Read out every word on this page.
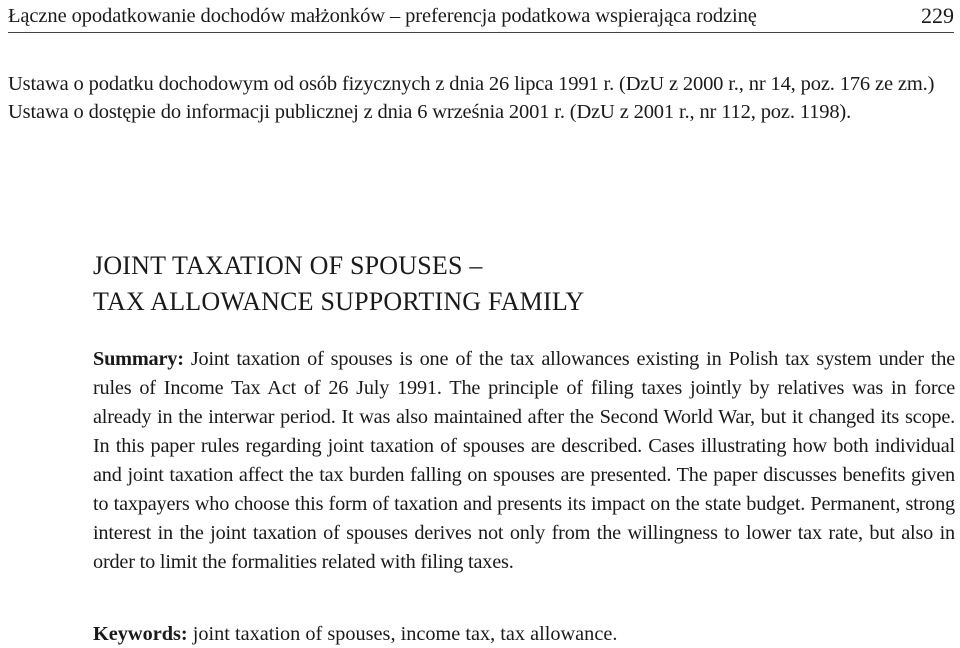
Łączne opodatkowanie dochodów małżonków – preferencja podatkowa wspierająca rodzinę	229

Ustawa o podatku dochodowym od osób fizycznych z dnia 26 lipca 1991 r. (DzU z 2000 r., nr 14, poz. 176 ze zm.)

Ustawa o dostępie do informacji publicznej z dnia 6 września 2001 r. (DzU z 2001 r., nr 112, poz. 1198).

JOINT TAXATION OF SPOUSES –
TAX ALLOWANCE SUPPORTING FAMILY

Summary: Joint taxation of spouses is one of the tax allowances existing in Polish tax system under the rules of Income Tax Act of 26 July 1991. The principle of filing taxes jointly by relatives was in force already in the interwar period. It was also maintained after the Second World War, but it changed its scope. In this paper rules regarding joint taxation of spouses are described. Cases illustrating how both individual and joint taxation affect the tax burden falling on spouses are presented. The paper discusses benefits given to taxpayers who choose this form of taxation and presents its impact on the state budget. Permanent, strong interest in the joint taxation of spouses derives not only from the willingness to lower tax rate, but also in order to limit the formalities related with filing taxes.

Keywords: joint taxation of spouses, income tax, tax allowance.
